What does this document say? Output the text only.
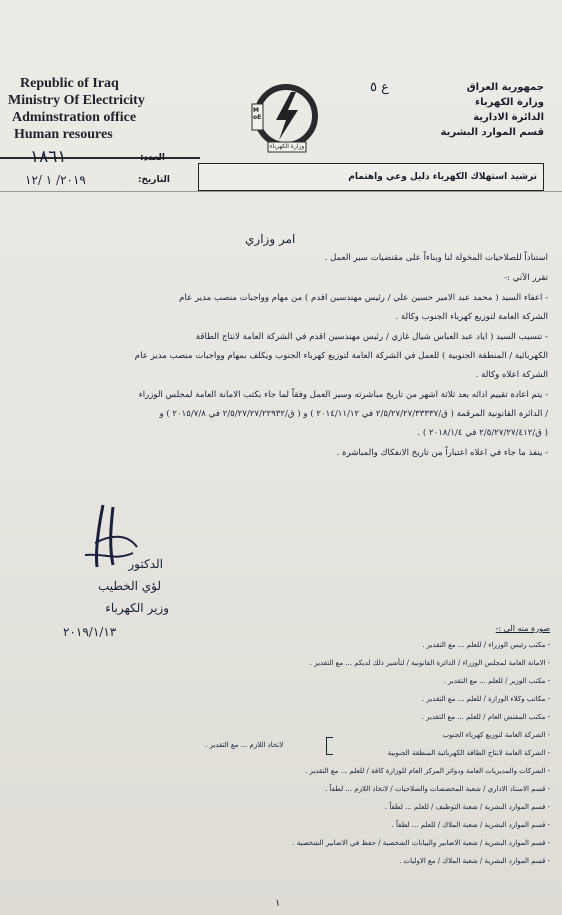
Republic of Iraq
Ministry Of Electricity
Adminstration office
Human resoures
جمهورية العراق
وزارة الكهرباء
الدائرة الادارية
قسم الموارد البشرية
ع ٥
MoE
وزارة الكهرباء
١٨٦١	العدد:
٢٠١٩/ ١ /١٢	التاريخ:	ترشيد استهلاك الكهرباء دليل وعي واهتمام
امر وزاري
استناداً للصلاحيات المخولة لنا وبناءاً على مقتضيات سير العمل .
تقرر الآتي :-
- اعفاء السيد ( محمد عبد الامير حسين علي / رئيس مهندسين اقدم ) من مهام وواجبات منصب مدير عام
الشركة العامة لتوزيع كهرباء الجنوب وكالة .
- تنسيب السيد ( اياد عبد العباس شيال غازي / رئيس مهندسين اقدم في الشركة العامة لانتاج الطاقة
الكهربائية / المنطقة الجنوبية ) للعمل في الشركة العامة لتوزيع كهرباء الجنوب ويكلف بمهام وواجبات منصب مدير عام
الشركة اعلاه وكالة .
- يتم اعادة تقييم ادائه بعد ثلاثة اشهر من تاريخ مباشرته وسير العمل وفقاً لما جاء بكتب الامانة العامة لمجلس الوزراء
/ الدائرة القانونية المرقمة ( ق/٢/٥/٢٧/٢٧/٣٣٣٣٧ في ٢٠١٤/١١/١٢ ) و ( ق/٢/٥/٢٧/٢٧/٢٢٩٣٢ في ٢٠١٥/٧/٨ ) و
( ق/٢/٥/٢٧/٢٧/٤١٢ في ٢٠١٨/١/٤ ) .
- ينفذ ما جاء في اعلاه اعتباراً من تاريخ الانفكاك والمباشرة .
الدكتور
لؤي الخطيب
وزير الكهرباء
٢٠١٩/١/١٣	صورة منه الى :-
- مكتب رئيس الوزراء / للعلم ... مع التقدير .
- الامانة العامة لمجلس الوزراء / الدائرة القانونية / لتأشير ذلك لديكم ... مع التقدير .
- مكتب الوزير / للعلم ... مع التقدير .
- مكاتب وكلاء الوزارة / للعلم ... مع التقدير .
- مكتب المفتش العام / للعلم ... مع التقدير .
- الشركة العامة لتوزيع كهرباء الجنوب
- الشركة العامة لانتاج الطاقة الكهربائية المنطقة الجنوبية
- الشركات والمديريات العامة ودوائر المركز العام للوزارة كافة / للعلم ... مع التقدير .
- قسم الاسناد الاداري / شعبة المخصصات والصلاحيات / لاتخاذ اللازم ... لطفاً .
- قسم الموارد البشرية / شعبة التوظيف / للعلم ... لطفاً .
- قسم الموارد البشرية / شعبة الملاك / للعلم ... لطفاً .
- قسم الموارد البشرية / شعبة الاضابير والبيانات الشخصية / حفظ في الاضابير الشخصية .
- قسم الموارد البشرية / شعبة الملاك / مع الاوليات .
لاتخاذ اللازم ... مع التقدير .
١
